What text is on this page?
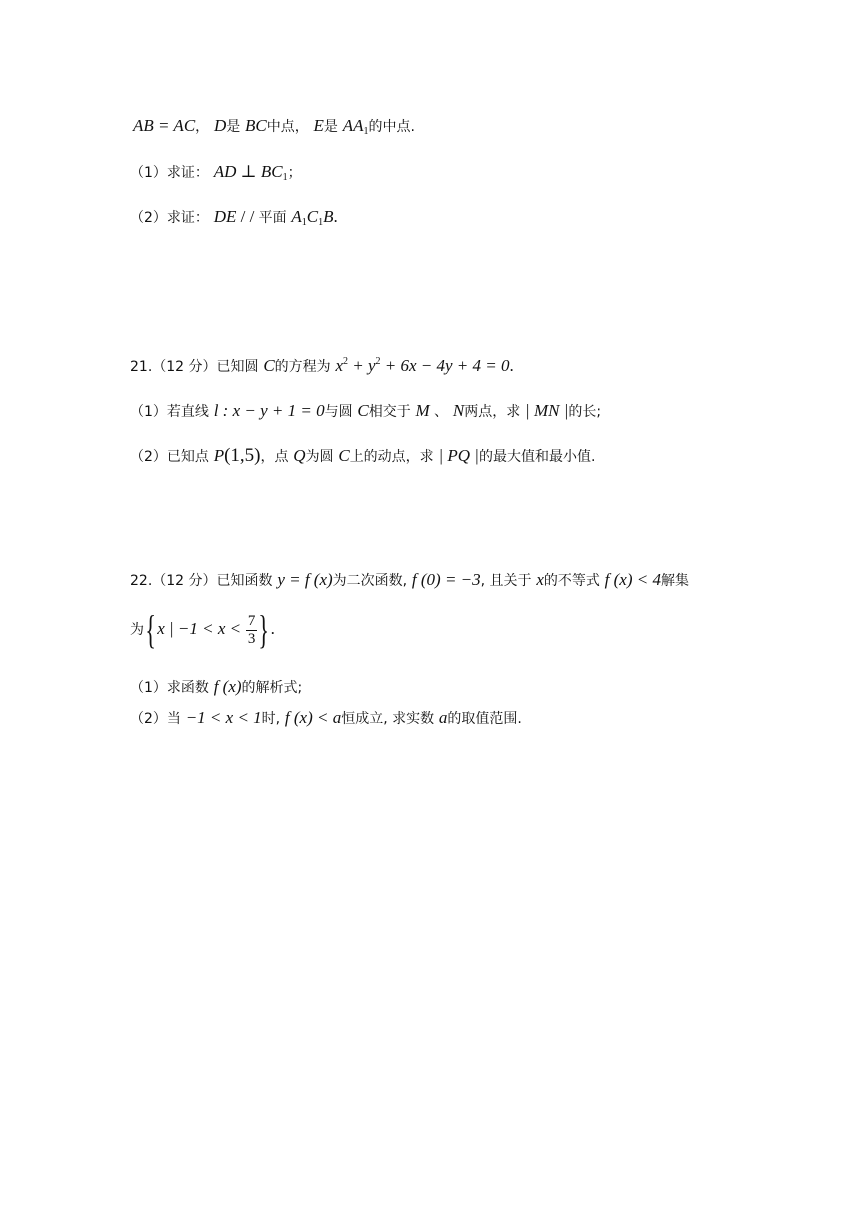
AB = AC， D是 BC中点， E是 $AA_1$的中点.
（1）求证： AD ⊥ $BC_1$；
（2）求证： DE / / 平面 $A_1C_1B$.
21.（12 分）已知圆 C的方程为 $x^2 + y^2 + 6x - 4y + 4 = 0$.
（1）若直线 l : x − y + 1 = 0与圆 C相交于 M 、 N两点，求 | MN |的长;
（2）已知点 P(1,5)，点 Q为圆 C上的动点，求 | PQ |的最大值和最小值.
22.（12 分）已知函数 y = f (x)为二次函数, f (0) = −3, 且关于 x的不等式 f (x) < 4解集
为{x | $-1 < x < \frac{7}{3}$ }.
（1）求函数 f (x)的解析式;
（2）当 −1 < x < 1时, f (x) < a恒成立, 求实数 a的取值范围.
